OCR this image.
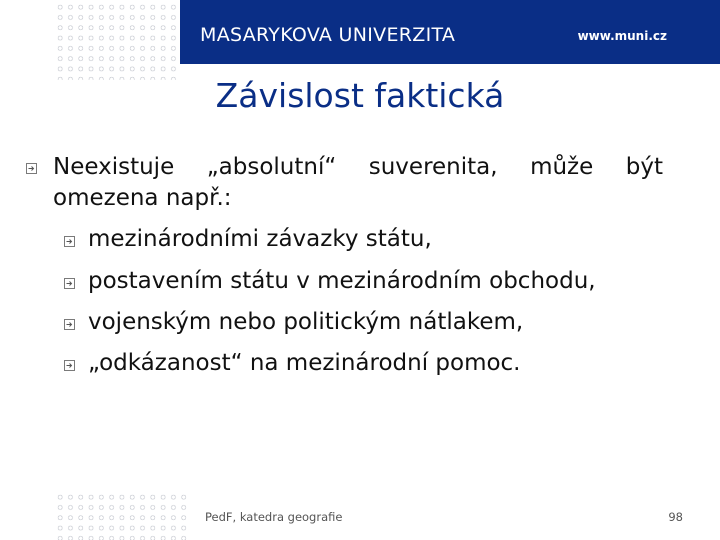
MASARYKOVA UNIVERZITA	www.muni.cz
Závislost faktická
Neexistuje „absolutní“ suverenita, může být omezena např.:
mezinárodními závazky státu,
postavením státu v mezinárodním obchodu,
vojenským nebo politickým nátlakem,
„odkázanost“ na mezinárodní pomoc.
PedF, katedra geografie	98
